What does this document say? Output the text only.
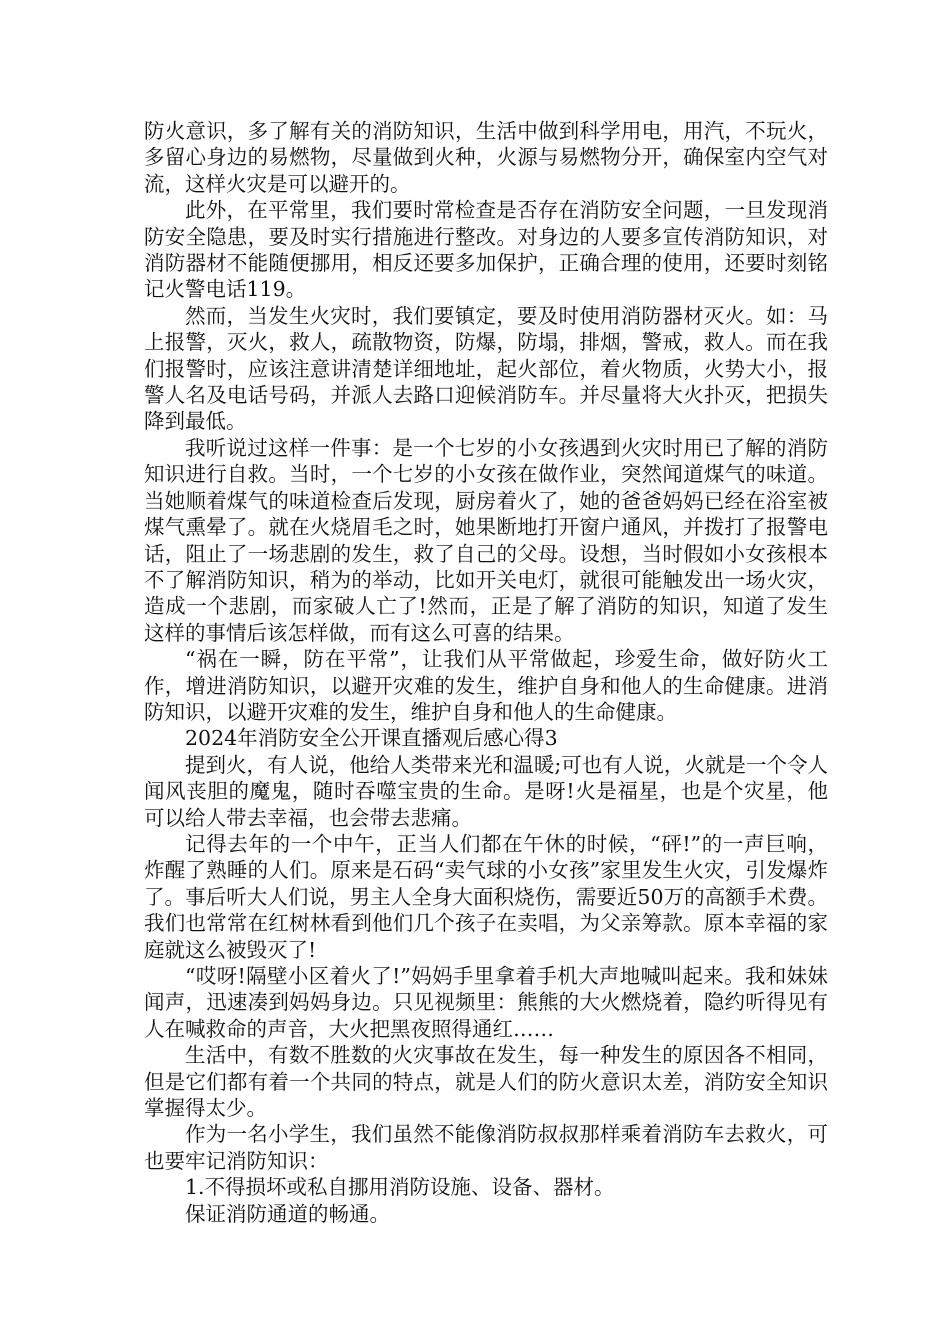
防火意识，多了解有关的消防知识，生活中做到科学用电，用汽，不玩火，多留心身边的易燃物，尽量做到火种，火源与易燃物分开，确保室内空气对流，这样火灾是可以避开的。

此外，在平常里，我们要时常检查是否存在消防安全问题，一旦发现消防安全隐患，要及时实行措施进行整改。对身边的人要多宣传消防知识，对消防器材不能随便挪用，相反还要多加保护，正确合理的使用，还要时刻铭记火警电话119。

然而，当发生火灾时，我们要镇定，要及时使用消防器材灭火。如：马上报警，灭火，救人，疏散物资，防爆，防塌，排烟，警戒，救人。而在我们报警时，应该注意讲清楚详细地址，起火部位，着火物质，火势大小，报警人名及电话号码，并派人去路口迎候消防车。并尽量将大火扑灭，把损失降到最低。

我听说过这样一件事：是一个七岁的小女孩遇到火灾时用已了解的消防知识进行自救。当时，一个七岁的小女孩在做作业，突然闻道煤气的味道。当她顺着煤气的味道检查后发现，厨房着火了，她的爸爸妈妈已经在浴室被煤气熏晕了。就在火烧眉毛之时，她果断地打开窗户通风，并拨打了报警电话，阻止了一场悲剧的发生，救了自己的父母。设想，当时假如小女孩根本不了解消防知识，稍为的举动，比如开关电灯，就很可能触发出一场火灾，造成一个悲剧，而家破人亡了!然而，正是了解了消防的知识，知道了发生这样的事情后该怎样做，而有这么可喜的结果。

“祸在一瞬，防在平常”，让我们从平常做起，珍爱生命，做好防火工作，增进消防知识，以避开灾难的发生，维护自身和他人的生命健康。进消防知识，以避开灾难的发生，维护自身和他人的生命健康。

2024年消防安全公开课直播观后感心得3

提到火，有人说，他给人类带来光和温暖;可也有人说，火就是一个令人闻风丧胆的魔鬼，随时吞噬宝贵的生命。是呀!火是福星，也是个灾星，他可以给人带去幸福，也会带去悲痛。

记得去年的一个中午，正当人们都在午休的时候，“砰!”的一声巨响，炸醒了熟睡的人们。原来是石码“卖气球的小女孩”家里发生火灾，引发爆炸了。事后听大人们说，男主人全身大面积烧伤，需要近50万的高额手术费。我们也常常在红树林看到他们几个孩子在卖唱，为父亲筹款。原本幸福的家庭就这么被毁灭了!

“哎呀!隔壁小区着火了!”妈妈手里拿着手机大声地喊叫起来。我和妹妹闻声，迅速凑到妈妈身边。只见视频里：熊熊的大火燃烧着，隐约听得见有人在喊救命的声音，大火把黑夜照得通红……

生活中，有数不胜数的火灾事故在发生，每一种发生的原因各不相同，但是它们都有着一个共同的特点，就是人们的防火意识太差，消防安全知识掌握得太少。

作为一名小学生，我们虽然不能像消防叔叔那样乘着消防车去救火，可也要牢记消防知识：

1.不得损坏或私自挪用消防设施、设备、器材。

保证消防通道的畅通。
